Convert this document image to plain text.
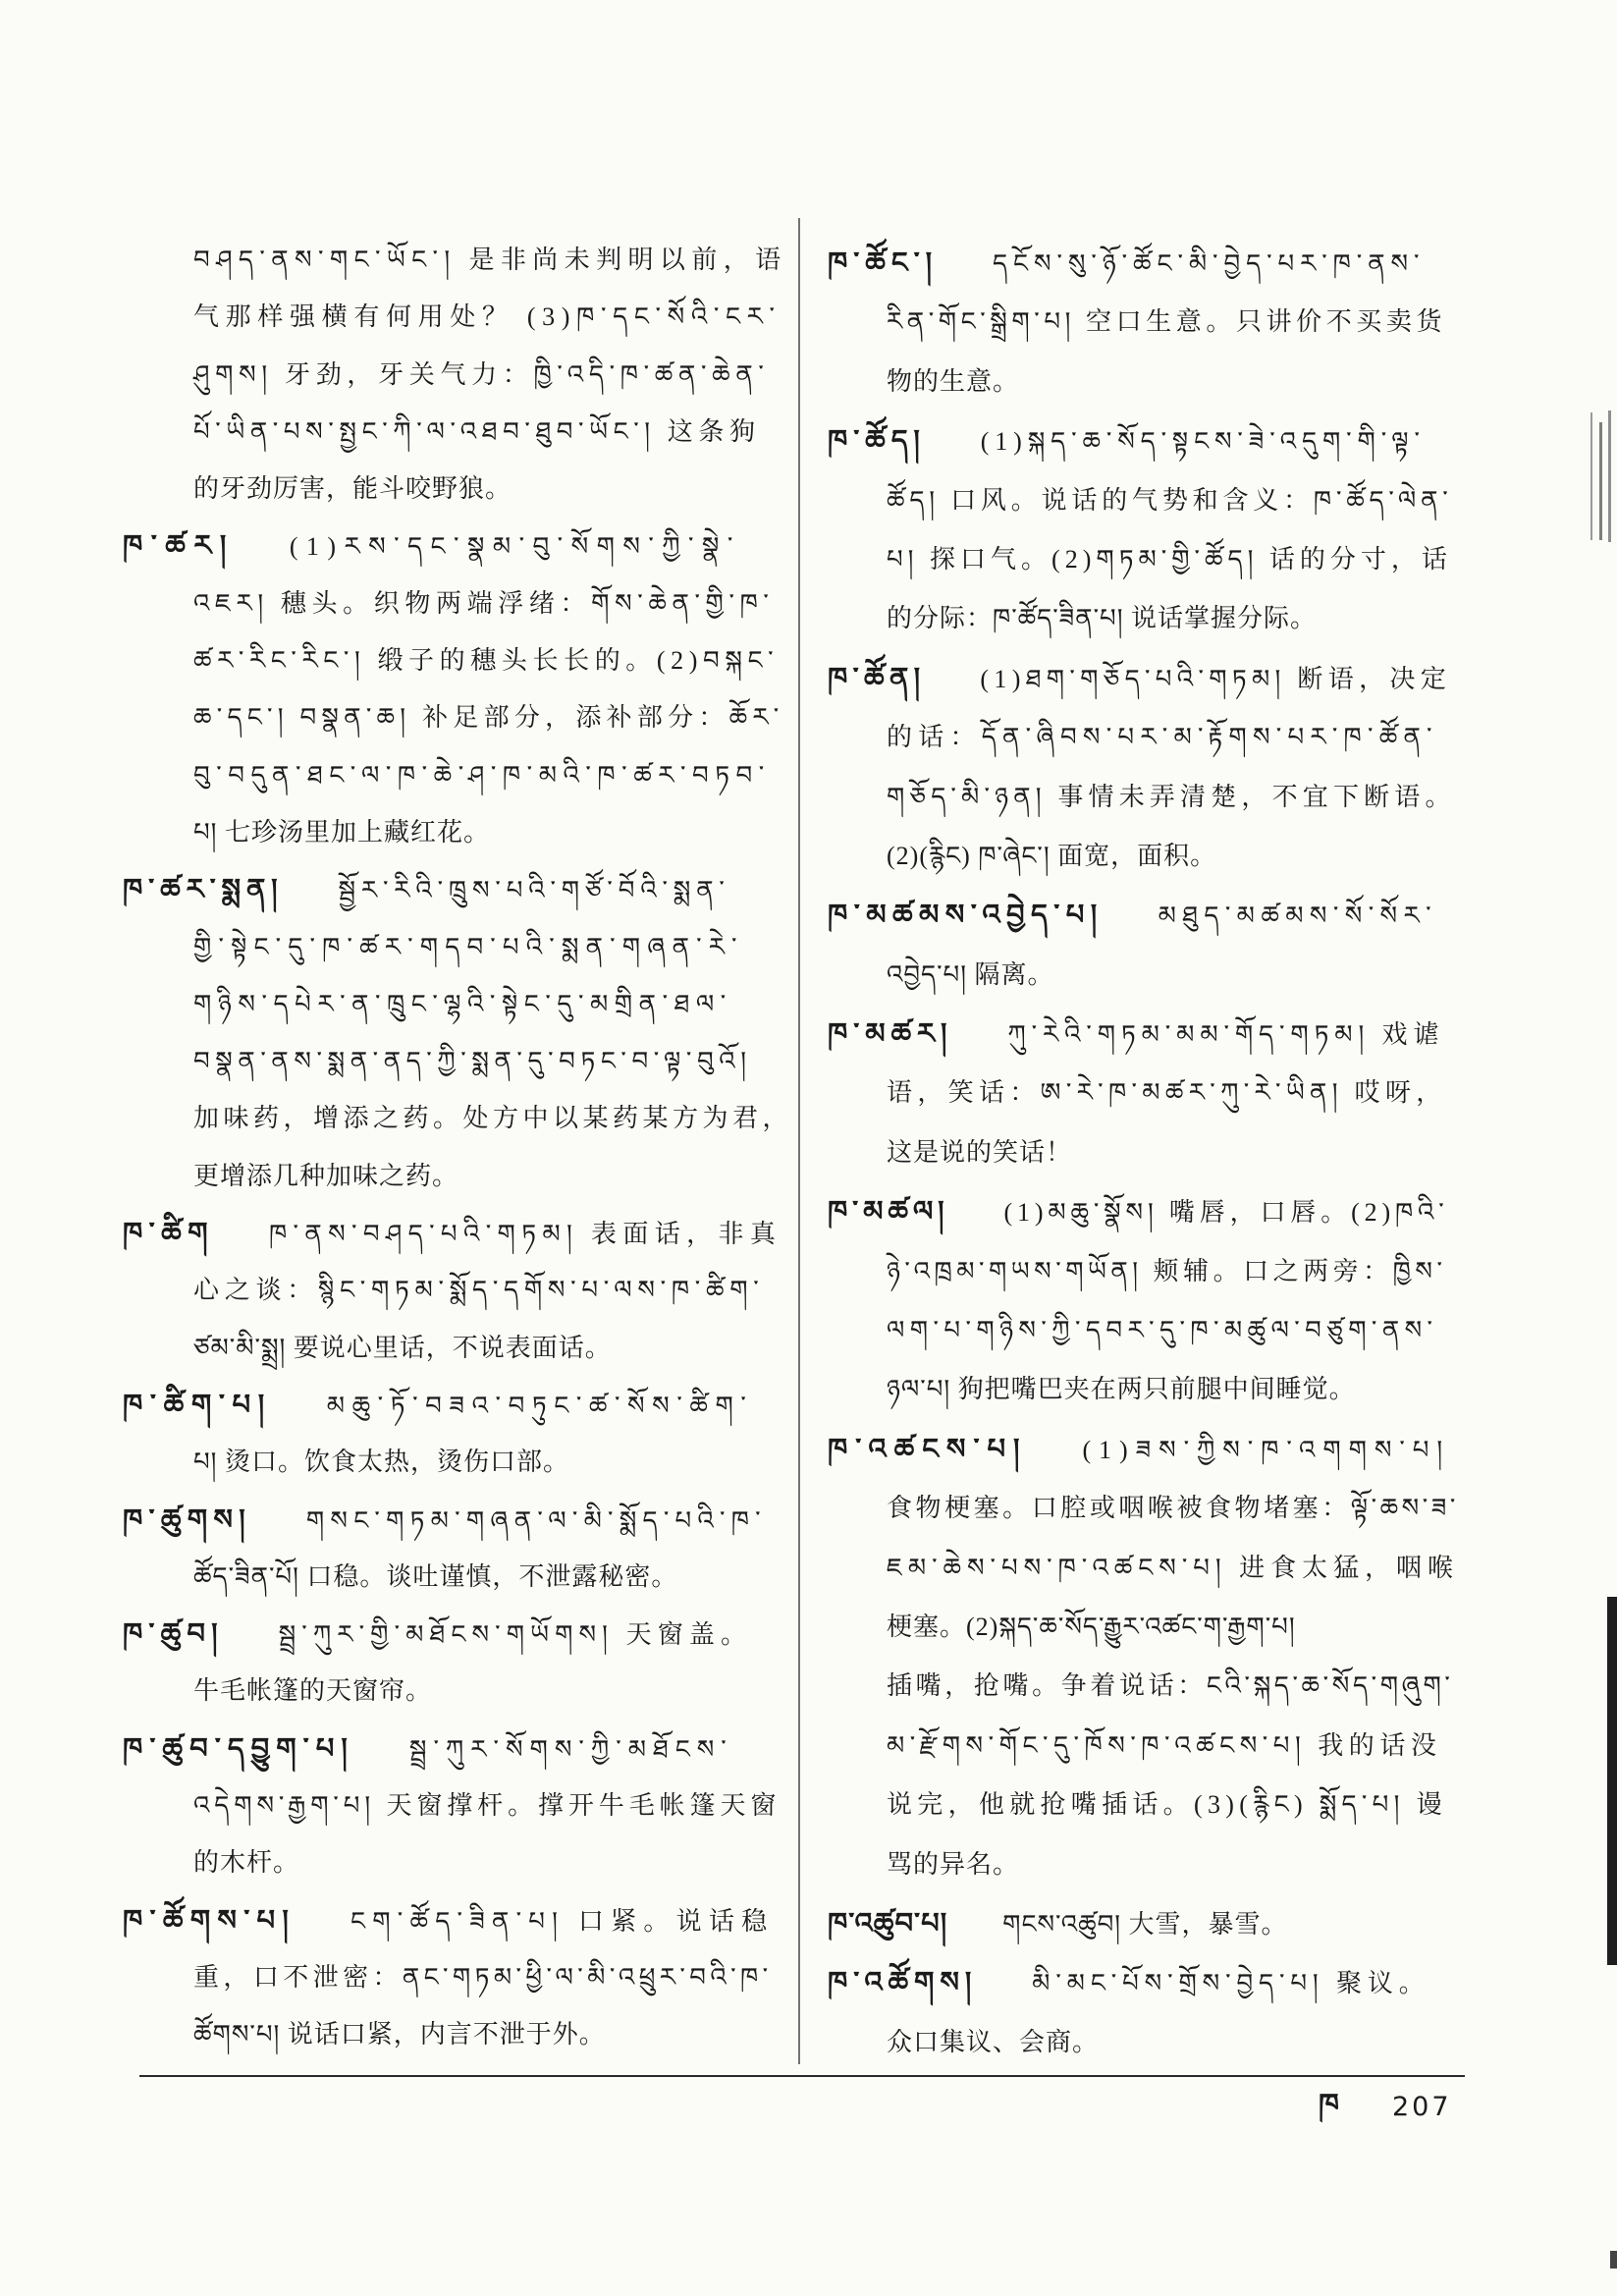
བཤད་ནས་གང་ཡོང་། 是非尚未判明以前，语
气那样强横有何用处？ (3)ཁ་དང་སོའི་ངར་
ཤུགས། 牙劲，牙关气力：ཁྱི་འདི་ཁ་ཚན་ཆེན་
པོ་ཡིན་པས་སྤྱང་ཀི་ལ་འཐབ་ཐུབ་ཡོང་། 这条狗
的牙劲厉害，能斗咬野狼。
ཁ་ཚར། (1)རས་དང་སྣམ་བུ་སོགས་ཀྱི་སྣེ་
འཇར། 穗头。织物两端浮绪：གོས་ཆེན་གྱི་ཁ་
ཚར་རིང་རིང་། 缎子的穗头长长的。(2)བསྐང་
ཆ་དང་། བསྣན་ཆ། 补足部分，添补部分：ཆོར་
བུ་བདུན་ཐང་ལ་ཁ་ཆེ་ཤ་ཁ་མའི་ཁ་ཚར་བཏབ་
པ། 七珍汤里加上藏红花。
ཁ་ཚར་སྨན། སྦྱོར་རིའི་ཁྲུས་པའི་གཙོ་བོའི་སྨན་
གྱི་སྟེང་དུ་ཁ་ཚར་གདབ་པའི་སྨན་གཞན་རེ་
གཉིས་དཔེར་ན་ཁྲུང་ལྷའི་སྟེང་དུ་མགྲིན་ཐལ་
བསྣན་ནས་སྨན་ནད་ཀྱི་སྨན་དུ་བཏང་བ་ལྟ་བུའོ།
加味药，增添之药。处方中以某药某方为君，
更增添几种加味之药。
ཁ་ཚིག ཁ་ནས་བཤད་པའི་གཏམ། 表面话，非真
心之谈：སྙིང་གཏམ་སྨོད་དགོས་པ་ལས་ཁ་ཚིག་
ཙམ་མི་སྨྲ། 要说心里话，不说表面话。
ཁ་ཚིག་པ། མཆུ་ཏོ་བཟའ་བཏུང་ཚ་སོས་ཚིག་
པ། 烫口。饮食太热，烫伤口部。
ཁ་ཚུགས། གསང་གཏམ་གཞན་ལ་མི་སྨོད་པའི་ཁ་
ཚོད་ཟིན་པོ། 口稳。谈吐谨慎，不泄露秘密。
ཁ་ཚུབ། སྦྲ་ཀུར་གྱི་མཐོངས་གཡོགས། 天窗盖。
牛毛帐篷的天窗帘。
ཁ་ཚུབ་དབྱུག་པ། སྦྲ་ཀུར་སོགས་ཀྱི་མཐོངས་
འདེགས་རྒྱག་པ། 天窗撑杆。撑开牛毛帐篷天窗
的木杆。
ཁ་ཚོགས་པ། ངག་ཚོད་ཟིན་པ། 口紧。说话稳
重，口不泄密：ནང་གཏམ་ཕྱི་ལ་མི་འཕྲུར་བའི་ཁ་
ཚོགས་པ། 说话口紧，内言不泄于外。
ཁ་ཚོང་། དངོས་སུ་ཉོ་ཚོང་མི་བྱེད་པར་ཁ་ནས་
རིན་གོང་སྒྲིག་པ། 空口生意。只讲价不买卖货
物的生意。
ཁ་ཚོད། (1)སྐད་ཆ་སོད་སྟངས་ཟེ་འདུག་གི་ལྟ་
ཚོད། 口风。说话的气势和含义：ཁ་ཚོད་ལེན་
པ། 探口气。(2)གཏམ་གྱི་ཚོད། 话的分寸，话
的分际：ཁ་ཚོད་ཟིན་པ། 说话掌握分际。
ཁ་ཚོན། (1)ཐག་གཅོད་པའི་གཏམ། 断语，决定
的话：དོན་ཞིབས་པར་མ་རྟོགས་པར་ཁ་ཚོན་
གཅོད་མི་ཉན། 事情未弄清楚，不宜下断语。
(2)(རྙིང) ཁ་ཞེང་། 面宽，面积。
ཁ་མཚམས་འབྱེད་པ། མཐུད་མཚམས་སོ་སོར་
འབྱེད་པ། 隔离。
ཁ་མཚར། ཀུ་རེའི་གཏམ་མམ་གོད་གཏམ། 戏谑
语，笑话：ཨ་རེ་ཁ་མཚར་ཀུ་རེ་ཡིན། 哎呀，
这是说的笑话！
ཁ་མཚལ། (1)མཆུ་སྣོས། 嘴唇，口唇。(2)ཁའི་
ཉེ་འཁྲམ་གཡས་གཡོན། 颊辅。口之两旁：ཁྱིས་
ལག་པ་གཉིས་ཀྱི་དབར་དུ་ཁ་མཚུལ་བཙུག་ནས་
ཉལ་པ། 狗把嘴巴夹在两只前腿中间睡觉。
ཁ་འཚངས་པ། (1)ཟས་ཀྱིས་ཁ་འགགས་པ།
食物梗塞。口腔或咽喉被食物堵塞：ལྟོ་ཆས་ཟ་
ཇམ་ཆེས་པས་ཁ་འཚངས་པ། 进食太猛，咽喉
梗塞。(2)སྐད་ཆ་སོད་རྒྱུར་འཚང་ག་རྒྱག་པ།
插嘴，抢嘴。争着说话：ངའི་སྐད་ཆ་སོད་གཞུག་
མ་རྫོགས་གོང་དུ་ཁོས་ཁ་འཚངས་པ། 我的话没
说完，他就抢嘴插话。(3)(རྙིང) སྨོད་པ། 谩
骂的异名。
ཁ་འཚུབ་པ། གངས་འཚུབ། 大雪，暴雪。
ཁ་འཚོགས། མི་མང་པོས་གྲོས་བྱེད་པ། 聚议。
众口集议、会商。
ཁ 207
